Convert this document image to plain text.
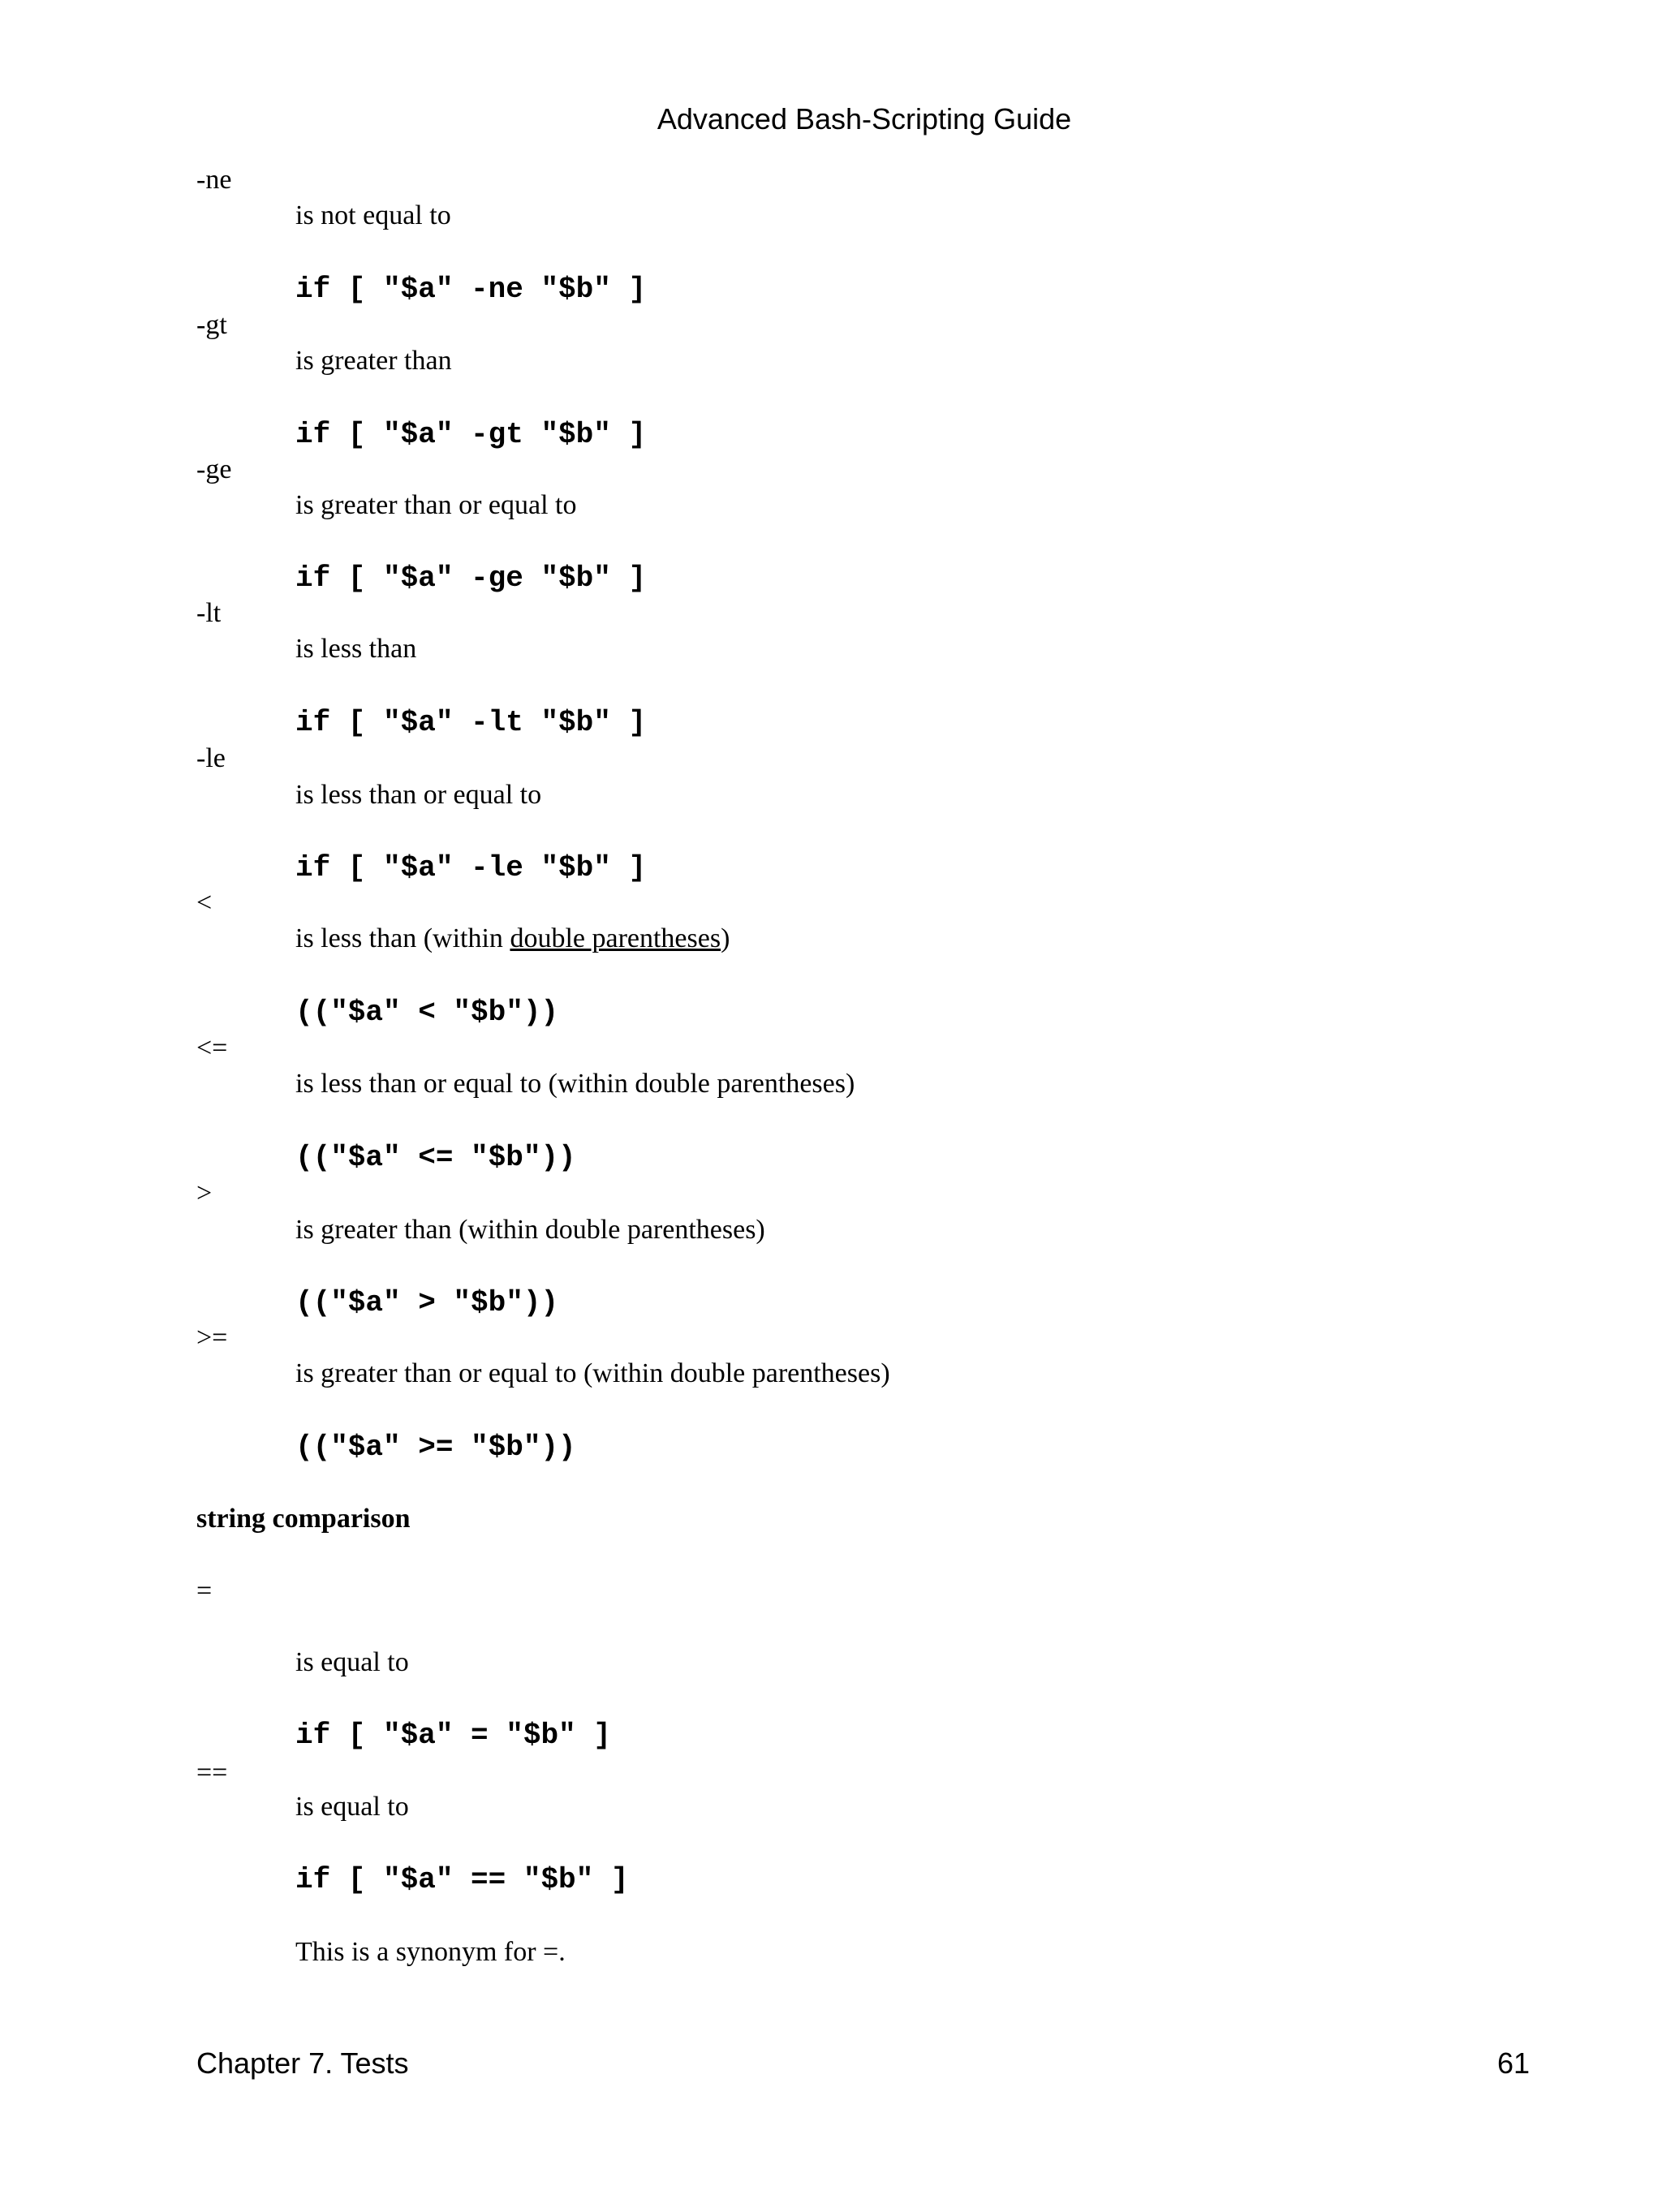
Advanced Bash-Scripting Guide
-ne
is not equal to
if [ "$a" -ne "$b" ]
-gt
is greater than
if [ "$a" -gt "$b" ]
-ge
is greater than or equal to
if [ "$a" -ge "$b" ]
-lt
is less than
if [ "$a" -lt "$b" ]
-le
is less than or equal to
if [ "$a" -le "$b" ]
<
is less than (within double parentheses)
(("$a" < "$b"))
<=
is less than or equal to (within double parentheses)
(("$a" <= "$b"))
>
is greater than (within double parentheses)
(("$a" > "$b"))
>=
is greater than or equal to (within double parentheses)
(("$a" >= "$b"))
string comparison
=
is equal to
if [ "$a" = "$b" ]
==
is equal to
if [ "$a" == "$b" ]
This is a synonym for =.
Chapter 7. Tests	61
